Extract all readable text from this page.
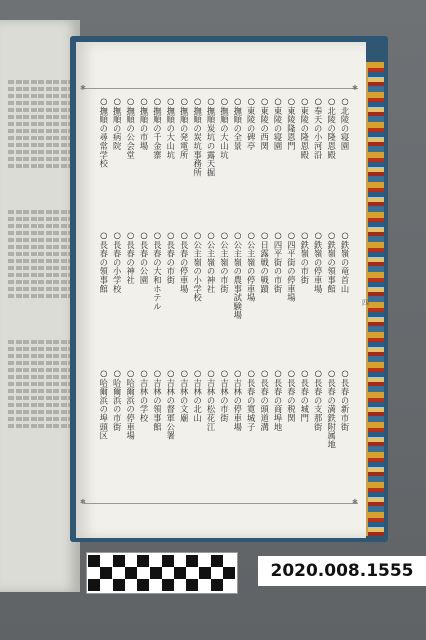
✱	✱
✱	✱
○北陵の寝園
○北陵の隆恩殿
○奉天の小河沿
○東陵の隆恩殿
○東陵隆恩門
○東陵の寝園
○東陵の西関
○東陵の碑亭
○撫順の全景
○撫順の大山坑
○撫順炭坑の露天掘
○撫順の炭坑事務所
○撫順の発電所
○撫順の大山坑
○撫順の千金寨
○撫順の市場
○撫順の公会堂
○撫順の病院
○撫順の尋常学校
○鉄嶺の竜首山
○鉄嶺の領事館
○鉄嶺の停車場
○鉄嶺の市街
○四平街の停車場
○四平街の市街
○日露戦の戦蹟
○公主嶺の停車場
○公主嶺の農事試験場
○公主嶺の市街
○公主嶺の神社
○公主嶺の小学校
○長春の停車場
○長春の市街
○長春の大和ホテル
○長春の公園
○長春の神社
○長春の小学校
○長春の領事館
○長春の新市街
○長春の満鉄附属地
○長春の支那街
○長春の城門
○長春の税関
○長春の商埠地
○長春の頭道溝
○長春の寛城子
○吉林の停車場
○吉林の市街
○吉林の松花江
○吉林の北山
○吉林の文廟
○吉林の督軍公署
○吉林の領事館
○吉林の学校
○哈爾浜の停車場
○哈爾浜の市街
○哈爾浜の埠頭区
四
2020.008.1555
